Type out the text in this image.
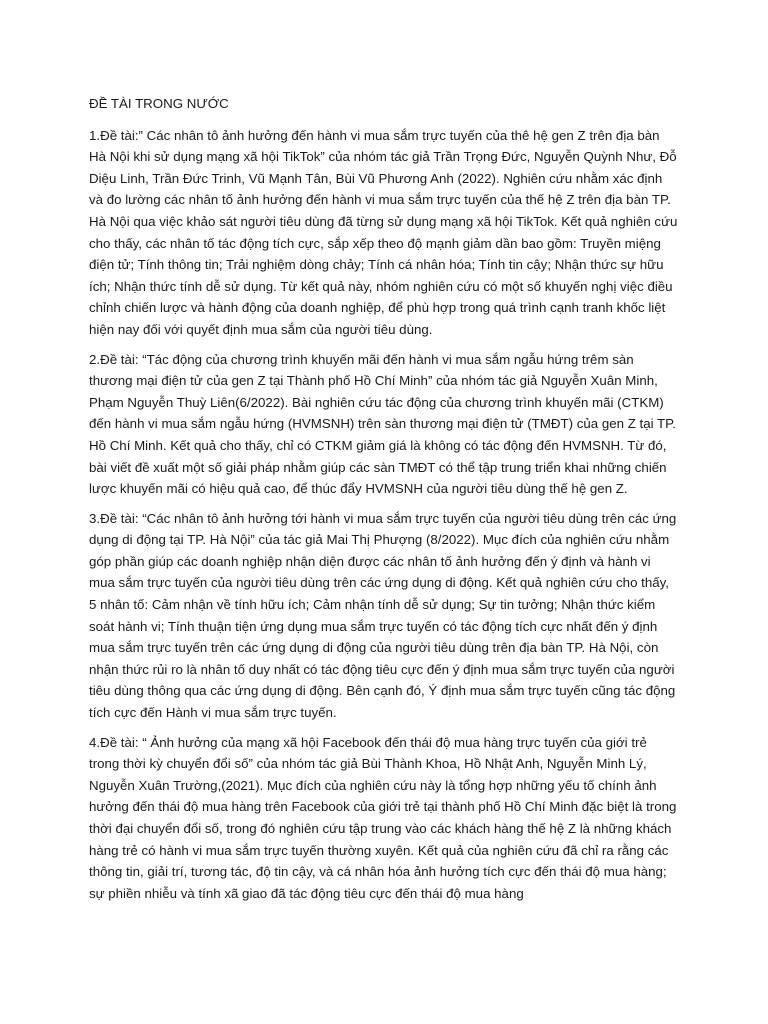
ĐỀ TÀI TRONG NƯỚC
1.Đề tài:” Các nhân tô ảnh hưởng đến hành vi mua sắm trực tuyến của thê hệ gen Z trên địa bàn Hà Nội khi sử dụng mạng xã hội TikTok” của nhóm tác giả Trần Trọng Đức, Nguyễn Quỳnh Như, Đỗ Diệu Linh, Trần Đức Trinh, Vũ Mạnh Tân, Bùi Vũ Phương Anh (2022). Nghiên cứu nhằm xác định và đo lường các nhân tố ảnh hưởng đến hành vi mua sắm trực tuyến của thế hệ Z trên địa bàn TP. Hà Nội qua việc khảo sát người tiêu dùng đã từng sử dụng mạng xã hội TikTok. Kết quả nghiên cứu cho thấy, các nhân tố tác động tích cực, sắp xếp theo độ mạnh giảm dần bao gồm: Truyền miệng điện tử; Tính thông tin; Trải nghiệm dòng chảy; Tính cá nhân hóa; Tính tin cậy; Nhận thức sự hữu ích; Nhận thức tính dễ sử dụng. Từ kết quả này, nhóm nghiên cứu có một số khuyến nghị việc điều chỉnh chiến lược và hành động của doanh nghiệp, để phù hợp trong quá trình cạnh tranh khốc liệt hiện nay đối với quyết định mua sắm của người tiêu dùng.
2.Đề tài: “Tác động của chương trình khuyến mãi đến hành vi mua sắm ngẫu hứng trêm sàn thương mại điện tử của gen Z tại Thành phố Hồ Chí Minh” của nhóm tác giả Nguyễn Xuân Minh, Phạm Nguyễn Thuỳ Liên(6/2022). Bài nghiên cứu tác động của chương trình khuyến mãi (CTKM) đến hành vi mua sắm ngẫu hứng (HVMSNH) trên sàn thương mại điện tử (TMĐT) của gen Z tại TP. Hồ Chí Minh. Kết quả cho thấy, chỉ có CTKM giảm giá là không có tác động đến HVMSNH. Từ đó, bài viết đề xuất một số giải pháp nhằm giúp các sàn TMĐT có thể tập trung triển khai những chiến lược khuyến mãi có hiệu quả cao, để thúc đẩy HVMSNH của người tiêu dùng thế hệ gen Z.
3.Đề tài: “Các nhân tô ảnh hưởng tới hành vi mua sắm trực tuyến của người tiêu dùng trên các ứng dụng di động tại TP. Hà Nội” của tác giả Mai Thị Phượng (8/2022). Mục đích của nghiên cứu nhằm góp phần giúp các doanh nghiệp nhận diện được các nhân tố ảnh hưởng đến ý định và hành vi mua sắm trực tuyến của người tiêu dùng trên các ứng dụng di động. Kết quả nghiên cứu cho thấy, 5 nhân tố: Cảm nhận về tính hữu ích; Cảm nhận tính dễ sử dụng; Sự tin tưởng; Nhận thức kiểm soát hành vi; Tính thuận tiện ứng dụng mua sắm trực tuyến có tác động tích cực nhất đến ý định mua sắm trực tuyến trên các ứng dụng di động của người tiêu dùng trên địa bàn TP. Hà Nội, còn nhận thức rủi ro là nhân tố duy nhất có tác động tiêu cực đến ý định mua sắm trực tuyến của người tiêu dùng thông qua các ứng dụng di động. Bên cạnh đó, Ý định mua sắm trực tuyến cũng tác động tích cực đến Hành vi mua sắm trực tuyến.
4.Đề tài: “ Ảnh hưởng của mạng xã hội Facebook đến thái độ mua hàng trực tuyến của giới trẻ trong thời kỳ chuyển đổi số” của nhóm tác giả Bùi Thành Khoa, Hồ Nhật Anh, Nguyễn Minh Lý, Nguyễn Xuân Trường,(2021). Mục đích của nghiên cứu này là tổng hợp những yếu tố chính ảnh hưởng đến thái độ mua hàng trên Facebook của giới trẻ tại thành phố Hồ Chí Minh đặc biệt là trong thời đại chuyển đổi số, trong đó nghiên cứu tập trung vào các khách hàng thế hệ Z là những khách hàng trẻ có hành vi mua sắm trực tuyến thường xuyên. Kết quả của nghiên cứu đã chỉ ra rằng các thông tin, giải trí, tương tác, độ tin cậy, và cá nhân hóa ảnh hưởng tích cực đến thái độ mua hàng; sự phiền nhiễu và tính xã giao đã tác động tiêu cực đến thái độ mua hàng
